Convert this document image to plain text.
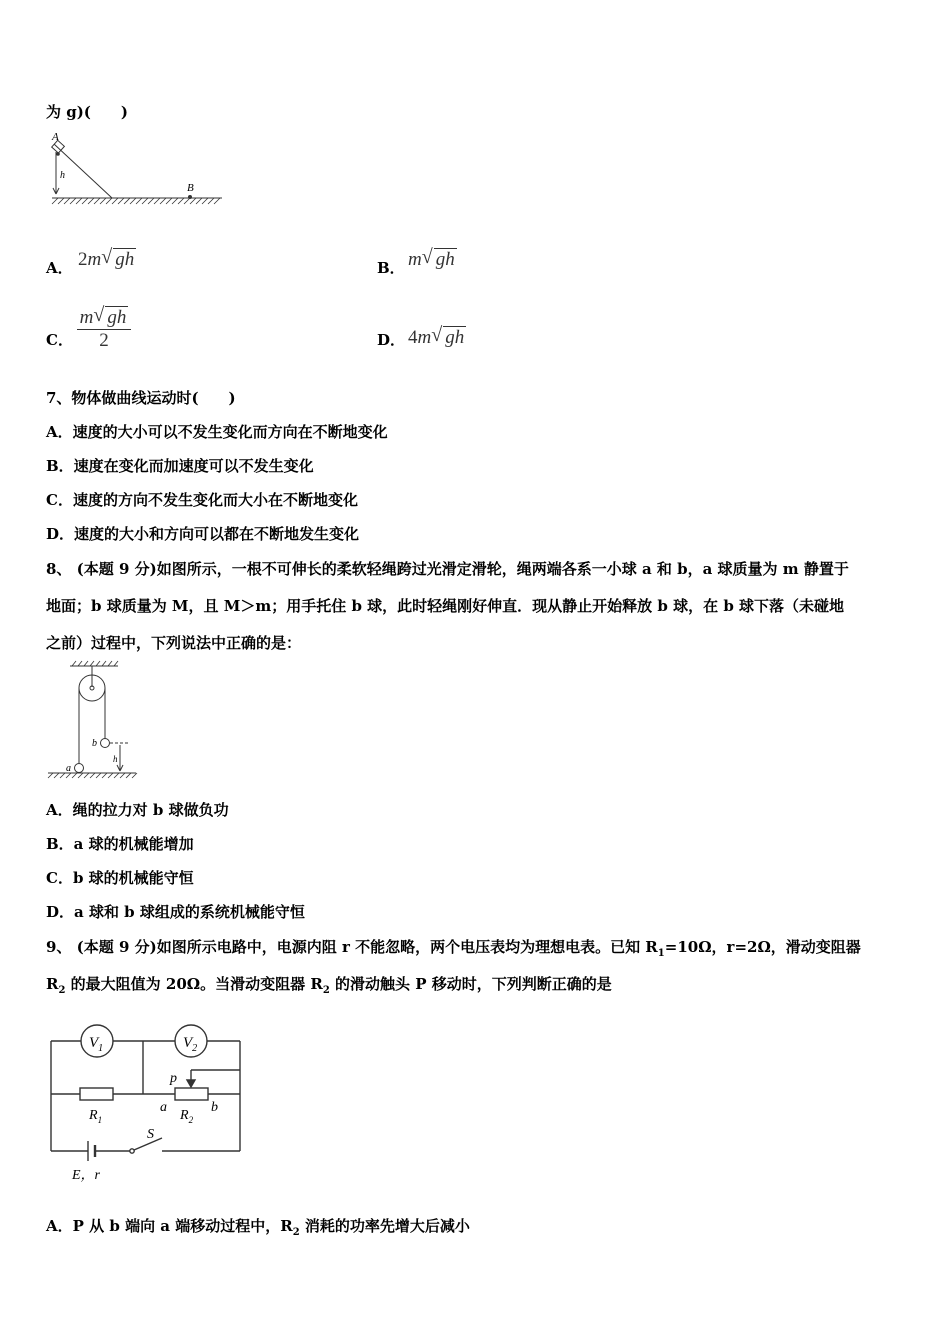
为 g)(　　)
A
h
B
A． 2m √ gh	B． m √ gh
C．
m √ gh
2	D． 4m √ gh
7、物体做曲线运动时(　　)
A．速度的大小可以不发生变化而方向在不断地变化
B．速度在变化而加速度可以不发生变化
C．速度的方向不发生变化而大小在不断地变化
D．速度的大小和方向可以都在不断地发生变化
8、 (本题 9 分)如图所示，一根不可伸长的柔软轻绳跨过光滑定滑轮，绳两端各系一小球 a 和 b，a 球质量为 m 静置于
地面；b 球质量为 M，且 M＞m；用手托住 b 球，此时轻绳刚好伸直．现从静止开始释放 b 球，在 b 球下落（未碰地
之前）过程中，下列说法中正确的是：
b
a
h
A．绳的拉力对 b 球做负功
B．a 球的机械能增加
C．b 球的机械能守恒
D．a 球和 b 球组成的系统机械能守恒
9、 (本题 9 分)如图所示电路中，电源内阻 r 不能忽略，两个电压表均为理想电表。已知 $R_1=10\Omega$，r=2Ω，滑动变阻器
$R_2$ 的最大阻值为 20Ω。当滑动变阻器 $R_2$ 的滑动触头 P 移动时，下列判断正确的是
$V_1$	$V_2$
$R_1$	$R_2$
p
a	b
S
E，r
A．P 从 b 端向 a 端移动过程中，$R_2$ 消耗的功率先增大后减小
